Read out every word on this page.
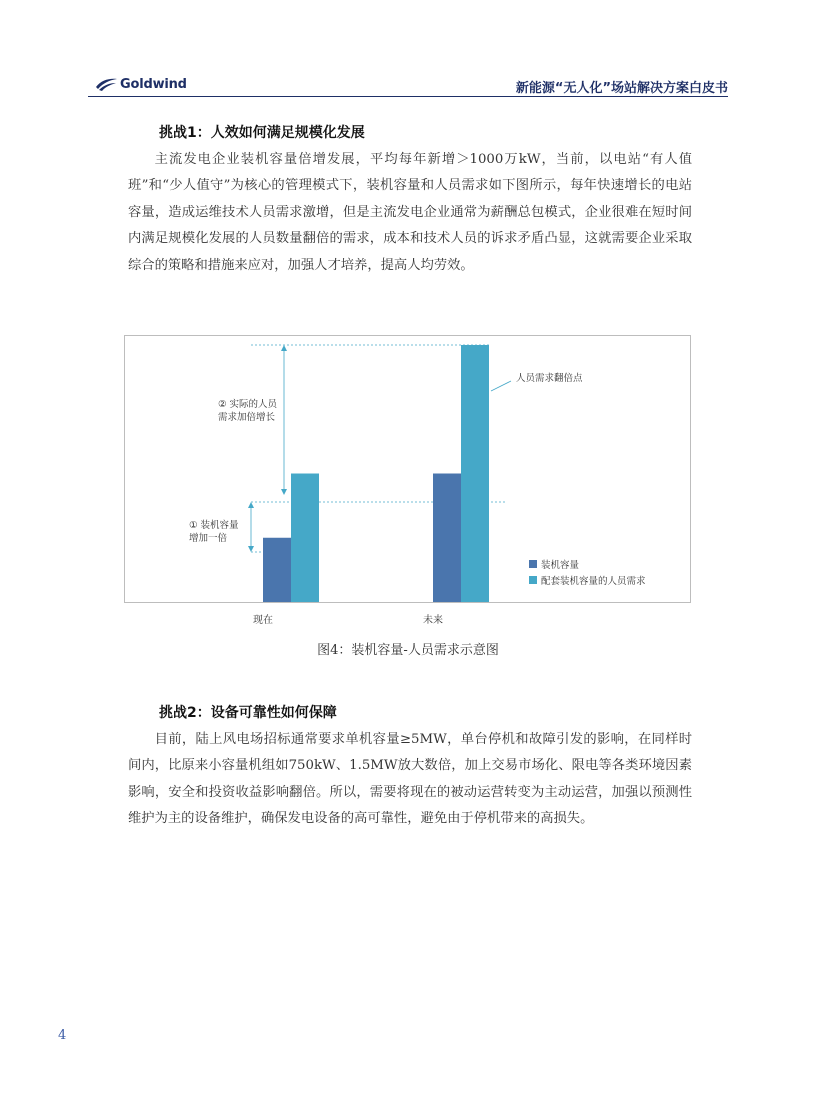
Goldwind	新能源“无人化”场站解决方案白皮书
挑战1：人效如何满足规模化发展

主流发电企业装机容量倍增发展，平均每年新增＞1000万kW，当前，以电站“有人值班”和“少人值守”为核心的管理模式下，装机容量和人员需求如下图所示，每年快速增长的电站容量，造成运维技术人员需求激增，但是主流发电企业通常为薪酬总包模式，企业很难在短时间内满足规模化发展的人员数量翻倍的需求，成本和技术人员的诉求矛盾凸显，这就需要企业采取综合的策略和措施来应对，加强人才培养，提高人均劳效。

① 装机容量
增加一倍
② 实际的人员
需求加倍增长
人员需求翻倍点
装机容量
配套装机容量的人员需求
现在	未来
图4：装机容量-人员需求示意图
挑战2：设备可靠性如何保障

目前，陆上风电场招标通常要求单机容量≥5MW，单台停机和故障引发的影响，在同样时间内，比原来小容量机组如750kW、1.5MW放大数倍，加上交易市场化、限电等各类环境因素影响，安全和投资收益影响翻倍。所以，需要将现在的被动运营转变为主动运营，加强以预测性维护为主的设备维护，确保发电设备的高可靠性，避免由于停机带来的高损失。

4
